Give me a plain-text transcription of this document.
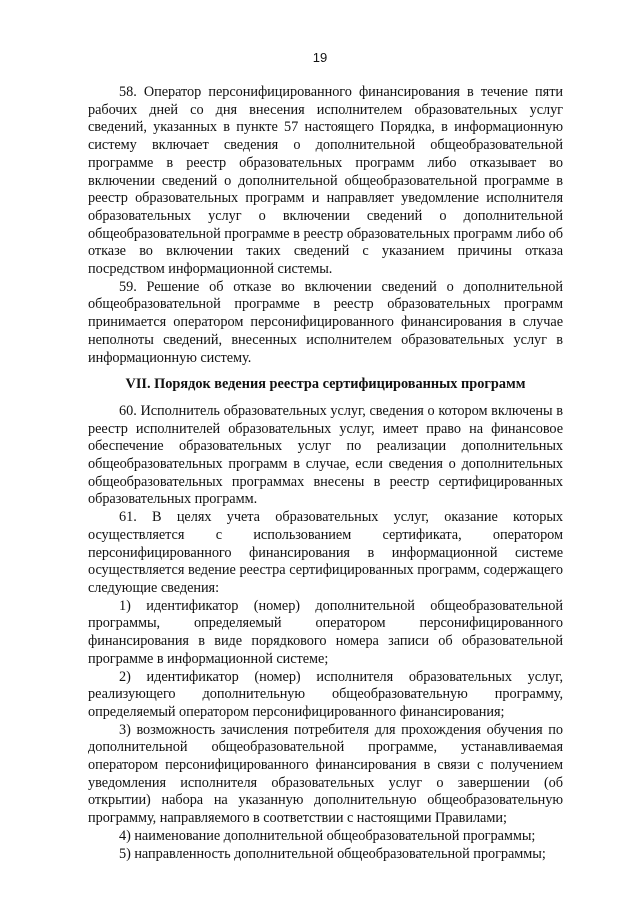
19

58. Оператор персонифицированного финансирования в течение пяти рабочих дней со дня внесения исполнителем образовательных услуг сведений, указанных в пункте 57 настоящего Порядка, в информационную систему включает сведения о дополнительной общеобразовательной программе в реестр образовательных программ либо отказывает во включении сведений о дополнительной общеобразовательной программе в реестр образовательных программ и направляет уведомление исполнителя образовательных услуг о включении сведений о дополнительной общеобразовательной программе в реестр образовательных программ либо об отказе во включении таких сведений с указанием причины отказа посредством информационной системы.

59. Решение об отказе во включении сведений о дополнительной общеобразовательной программе в реестр образовательных программ принимается оператором персонифицированного финансирования в случае неполноты сведений, внесенных исполнителем образовательных услуг в информационную систему.

VII. Порядок ведения реестра сертифицированных программ

60. Исполнитель образовательных услуг, сведения о котором включены в реестр исполнителей образовательных услуг, имеет право на финансовое обеспечение образовательных услуг по реализации дополнительных общеобразовательных программ в случае, если сведения о дополнительных общеобразовательных программах внесены в реестр сертифицированных образовательных программ.

61. В целях учета образовательных услуг, оказание которых осуществляется с использованием сертификата, оператором персонифицированного финансирования в информационной системе осуществляется ведение реестра сертифицированных программ, содержащего следующие сведения:

1) идентификатор (номер) дополнительной общеобразовательной программы, определяемый оператором персонифицированного финансирования в виде порядкового номера записи об образовательной программе в информационной системе;

2) идентификатор (номер) исполнителя образовательных услуг, реализующего дополнительную общеобразовательную программу, определяемый оператором персонифицированного финансирования;

3) возможность зачисления потребителя для прохождения обучения по дополнительной общеобразовательной программе, устанавливаемая оператором персонифицированного финансирования в связи с получением уведомления исполнителя образовательных услуг о завершении (об открытии) набора на указанную дополнительную общеобразовательную программу, направляемого в соответствии с настоящими Правилами;

4) наименование дополнительной общеобразовательной программы;

5) направленность дополнительной общеобразовательной программы;
